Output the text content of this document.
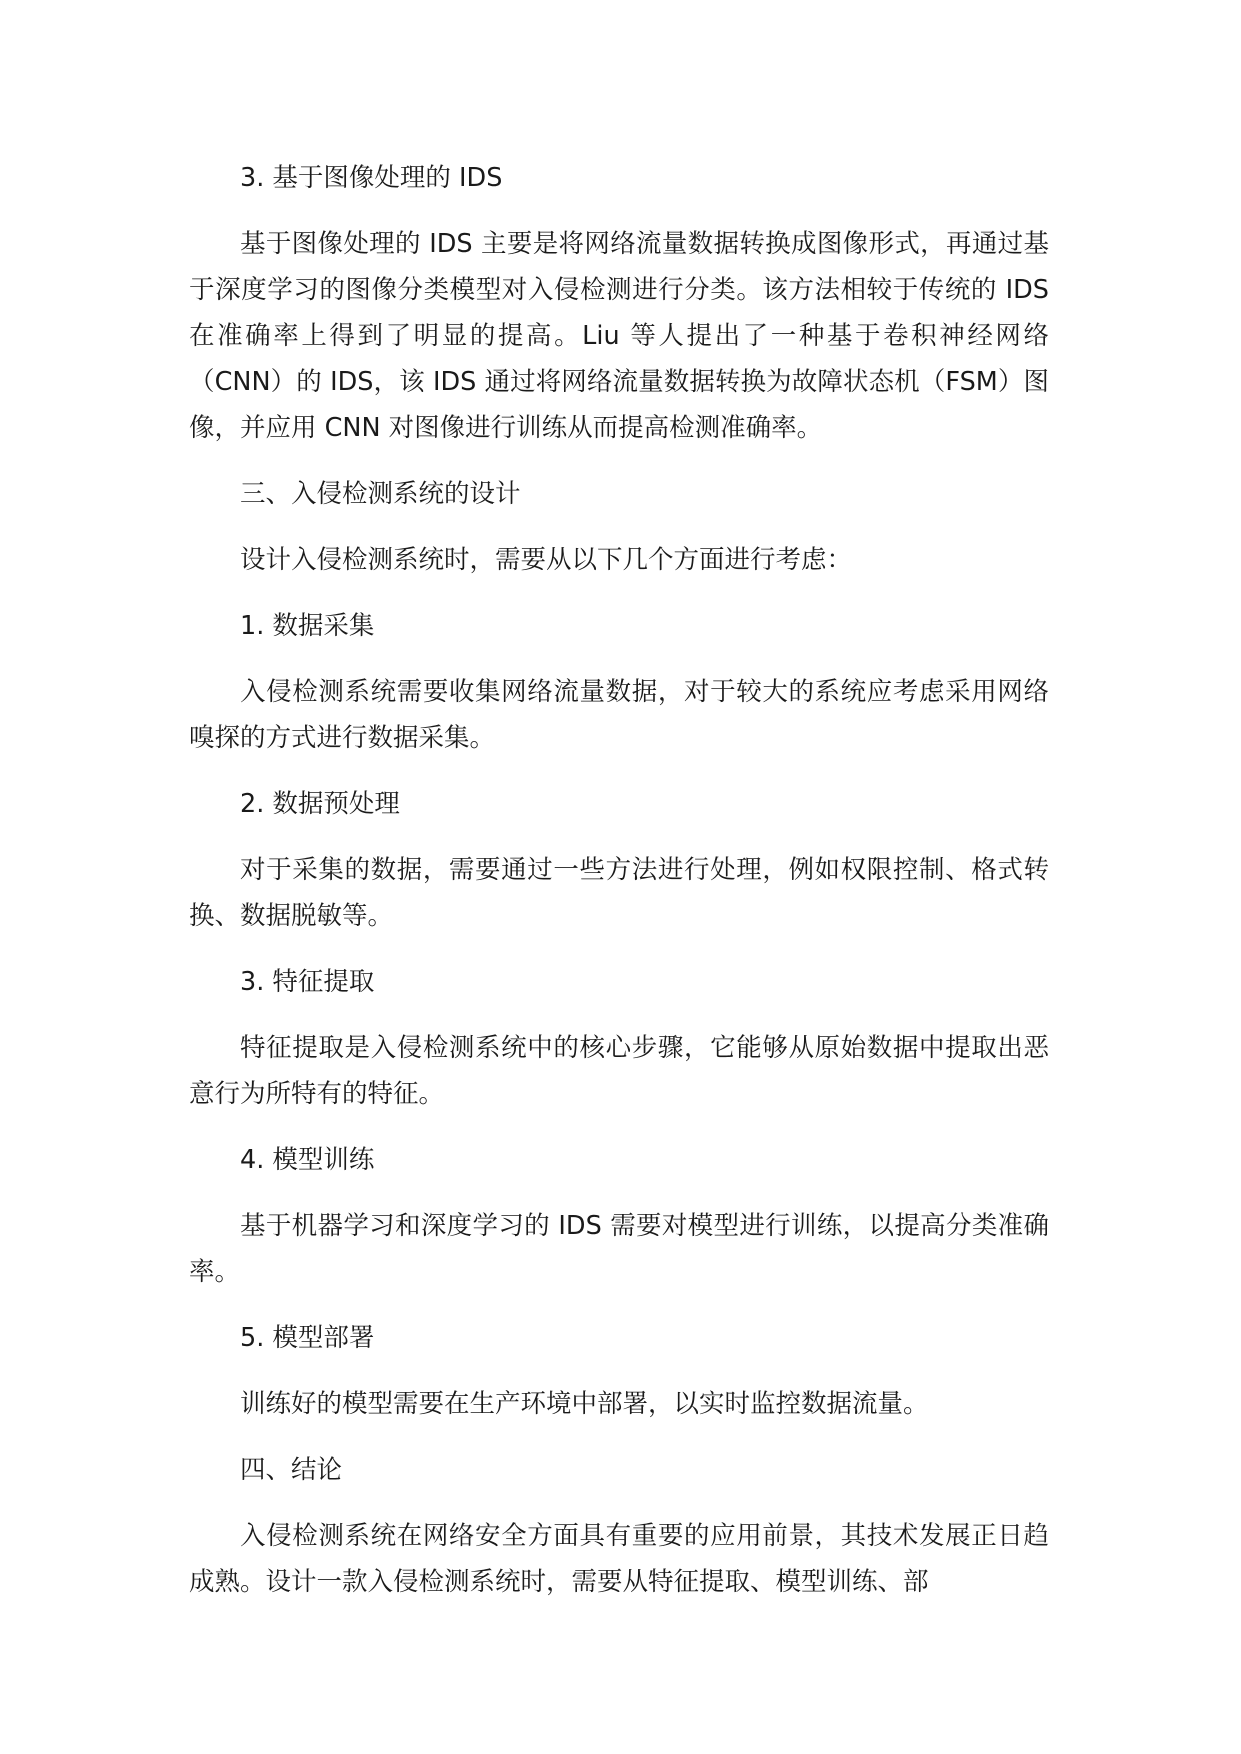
3. 基于图像处理的 IDS

基于图像处理的 IDS 主要是将网络流量数据转换成图像形式，再通过基于深度学习的图像分类模型对入侵检测进行分类。该方法相较于传统的 IDS 在准确率上得到了明显的提高。Liu 等人提出了一种基于卷积神经网络（CNN）的 IDS，该 IDS 通过将网络流量数据转换为故障状态机（FSM）图像，并应用 CNN 对图像进行训练从而提高检测准确率。

三、入侵检测系统的设计

设计入侵检测系统时，需要从以下几个方面进行考虑：

1. 数据采集

入侵检测系统需要收集网络流量数据，对于较大的系统应考虑采用网络嗅探的方式进行数据采集。

2. 数据预处理

对于采集的数据，需要通过一些方法进行处理，例如权限控制、格式转换、数据脱敏等。

3. 特征提取

特征提取是入侵检测系统中的核心步骤，它能够从原始数据中提取出恶意行为所特有的特征。

4. 模型训练

基于机器学习和深度学习的 IDS 需要对模型进行训练，以提高分类准确率。

5. 模型部署

训练好的模型需要在生产环境中部署，以实时监控数据流量。

四、结论

入侵检测系统在网络安全方面具有重要的应用前景，其技术发展正日趋成熟。设计一款入侵检测系统时，需要从特征提取、模型训练、部
